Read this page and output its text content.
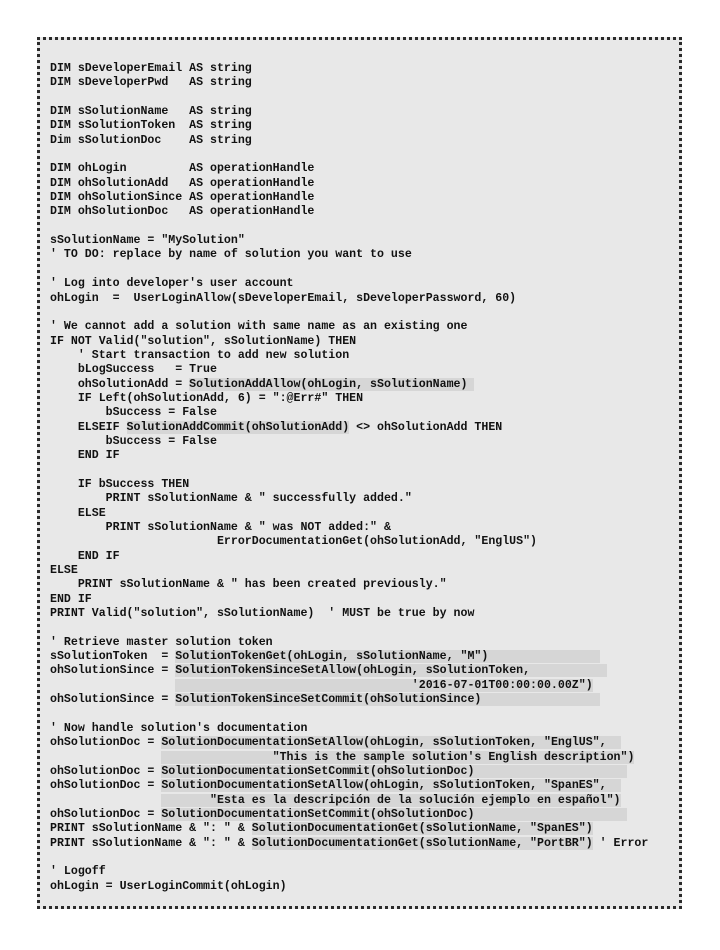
DIM sDeveloperEmail AS string
DIM sDeveloperPwd   AS string
DIM sSolutionName   AS string
DIM sSolutionToken  AS string
Dim sSolutionDoc    AS string
DIM ohLogin         AS operationHandle
DIM ohSolutionAdd   AS operationHandle
DIM ohSolutionSince AS operationHandle
DIM ohSolutionDoc   AS operationHandle
sSolutionName = "MySolution"
' TO DO: replace by name of solution you want to use
' Log into developer's user account
ohLogin  =  UserLoginAllow(sDeveloperEmail, sDeveloperPassword, 60)
' We cannot add a solution with same name as an existing one
IF NOT Valid("solution", sSolutionName) THEN
' Start transaction to add new solution
bLogSuccess   = True
ohSolutionAdd = SolutionAddAllow(ohLogin, sSolutionName)
IF Left(ohSolutionAdd, 6) = ":@Err#" THEN
bSuccess = False
ELSEIF SolutionAddCommit(ohSolutionAdd) <> ohSolutionAdd THEN
bSuccess = False
END IF
IF bSuccess THEN
PRINT sSolutionName & " successfully added."
ELSE
PRINT sSolutionName & " was NOT added:" &
ErrorDocumentationGet(ohSolutionAdd, "EnglUS")
END IF
ELSE
PRINT sSolutionName & " has been created previously."
END IF
PRINT Valid("solution", sSolutionName)  ' MUST be true by now
' Retrieve master solution token
sSolutionToken  = SolutionTokenGet(ohLogin, sSolutionName, "M")
ohSolutionSince = SolutionTokenSinceSetAllow(ohLogin, sSolutionToken,
'2016-07-01T00:00:00.00Z")
ohSolutionSince = SolutionTokenSinceSetCommit(ohSolutionSince)
' Now handle solution's documentation
ohSolutionDoc = SolutionDocumentationSetAllow(ohLogin, sSolutionToken, "EnglUS",
"This is the sample solution's English description")
ohSolutionDoc = SolutionDocumentationSetCommit(ohSolutionDoc)
ohSolutionDoc = SolutionDocumentationSetAllow(ohLogin, sSolutionToken, "SpanES",
"Esta es la descripción de la solución ejemplo en español")
ohSolutionDoc = SolutionDocumentationSetCommit(ohSolutionDoc)
PRINT sSolutionName & ": " & SolutionDocumentationGet(sSolutionName, "SpanES")
PRINT sSolutionName & ": " & SolutionDocumentationGet(sSolutionName, "PortBR") ' Error
' Logoff
ohLogin = UserLoginCommit(ohLogin)
